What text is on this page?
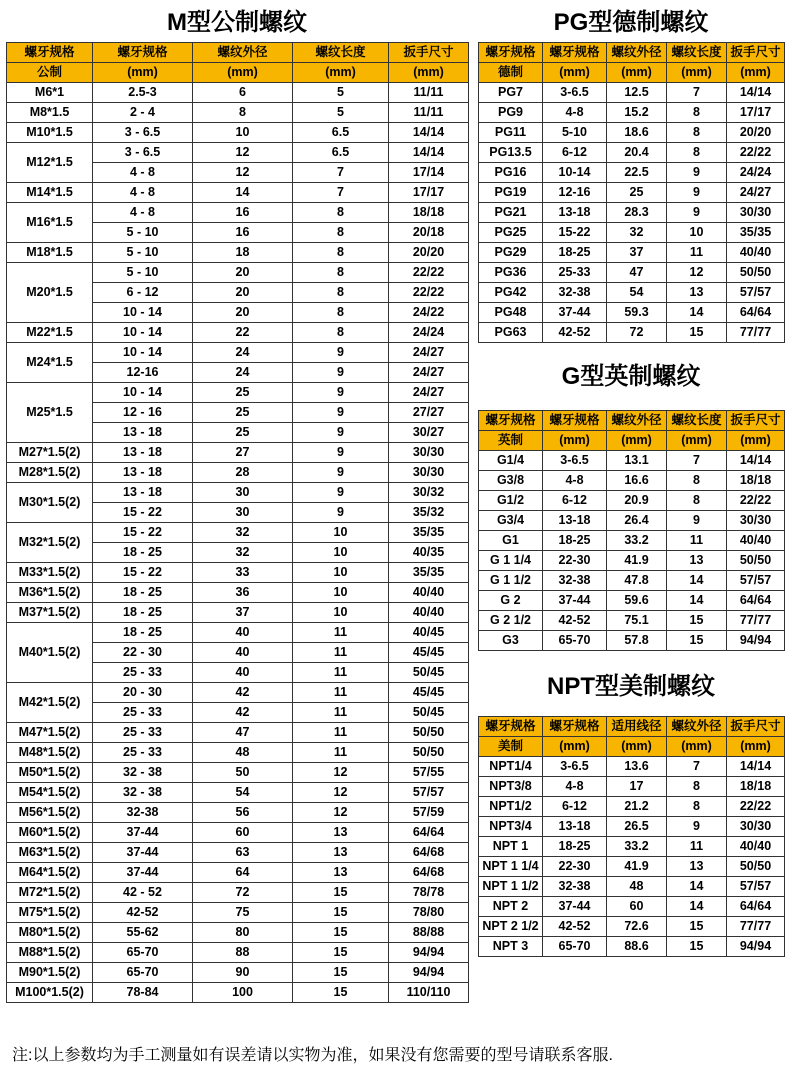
M型公制螺纹
螺牙规格	螺牙规格	螺纹外径	螺纹长度	扳手尺寸
公制	(mm)	(mm)	(mm)	(mm)
M6*1	2.5-3	6	5	11/11
M8*1.5	2 - 4	8	5	11/11
M10*1.5	3 - 6.5	10	6.5	14/14
M12*1.5	3 - 6.5	12	6.5	14/14
	4 - 8	12	7	17/14
M14*1.5	4 - 8	14	7	17/17
M16*1.5	4 - 8	16	8	18/18
	5 - 10	16	8	20/18
M18*1.5	5 - 10	18	8	20/20
M20*1.5	5 - 10	20	8	22/22
	6 - 12	20	8	22/22
	10 - 14	20	8	24/22
M22*1.5	10 - 14	22	8	24/24
M24*1.5	10 - 14	24	9	24/27
	12-16	24	9	24/27
M25*1.5	10 - 14	25	9	24/27
	12 - 16	25	9	27/27
	13 - 18	25	9	30/27
M27*1.5(2)	13 - 18	27	9	30/30
M28*1.5(2)	13 - 18	28	9	30/30
M30*1.5(2)	13 - 18	30	9	30/32
	15 - 22	30	9	35/32
M32*1.5(2)	15 - 22	32	10	35/35
	18 - 25	32	10	40/35
M33*1.5(2)	15 - 22	33	10	35/35
M36*1.5(2)	18 - 25	36	10	40/40
M37*1.5(2)	18 - 25	37	10	40/40
M40*1.5(2)	18 - 25	40	11	40/45
	22 - 30	40	11	45/45
	25 - 33	40	11	50/45
M42*1.5(2)	20 - 30	42	11	45/45
	25 - 33	42	11	50/45
M47*1.5(2)	25 - 33	47	11	50/50
M48*1.5(2)	25 - 33	48	11	50/50
M50*1.5(2)	32 - 38	50	12	57/55
M54*1.5(2)	32 - 38	54	12	57/57
M56*1.5(2)	32-38	56	12	57/59
M60*1.5(2)	37-44	60	13	64/64
M63*1.5(2)	37-44	63	13	64/68
M64*1.5(2)	37-44	64	13	64/68
M72*1.5(2)	42 - 52	72	15	78/78
M75*1.5(2)	42-52	75	15	78/80
M80*1.5(2)	55-62	80	15	88/88
M88*1.5(2)	65-70	88	15	94/94
M90*1.5(2)	65-70	90	15	94/94
M100*1.5(2)	78-84	100	15	110/110
PG型德制螺纹
螺牙规格	螺牙规格	螺纹外径	螺纹长度	扳手尺寸
德制	(mm)	(mm)	(mm)	(mm)
PG7	3-6.5	12.5	7	14/14
PG9	4-8	15.2	8	17/17
PG11	5-10	18.6	8	20/20
PG13.5	6-12	20.4	8	22/22
PG16	10-14	22.5	9	24/24
PG19	12-16	25	9	24/27
PG21	13-18	28.3	9	30/30
PG25	15-22	32	10	35/35
PG29	18-25	37	11	40/40
PG36	25-33	47	12	50/50
PG42	32-38	54	13	57/57
PG48	37-44	59.3	14	64/64
PG63	42-52	72	15	77/77
G型英制螺纹
螺牙规格	螺牙规格	螺纹外径	螺纹长度	扳手尺寸
英制	(mm)	(mm)	(mm)	(mm)
G1/4	3-6.5	13.1	7	14/14
G3/8	4-8	16.6	8	18/18
G1/2	6-12	20.9	8	22/22
G3/4	13-18	26.4	9	30/30
G1	18-25	33.2	11	40/40
G 1 1/4	22-30	41.9	13	50/50
G 1 1/2	32-38	47.8	14	57/57
G 2	37-44	59.6	14	64/64
G 2 1/2	42-52	75.1	15	77/77
G3	65-70	57.8	15	94/94
NPT型美制螺纹
螺牙规格	螺牙规格	适用线径	螺纹外径	扳手尺寸
美制	(mm)	(mm)	(mm)	(mm)
NPT1/4	3-6.5	13.6	7	14/14
NPT3/8	4-8	17	8	18/18
NPT1/2	6-12	21.2	8	22/22
NPT3/4	13-18	26.5	9	30/30
NPT 1	18-25	33.2	11	40/40
NPT 1 1/4	22-30	41.9	13	50/50
NPT 1 1/2	32-38	48	14	57/57
NPT 2	37-44	60	14	64/64
NPT 2 1/2	42-52	72.6	15	77/77
NPT 3	65-70	88.6	15	94/94
注:以上参数均为手工测量如有误差请以实物为准，如果没有您需要的型号请联系客服.
